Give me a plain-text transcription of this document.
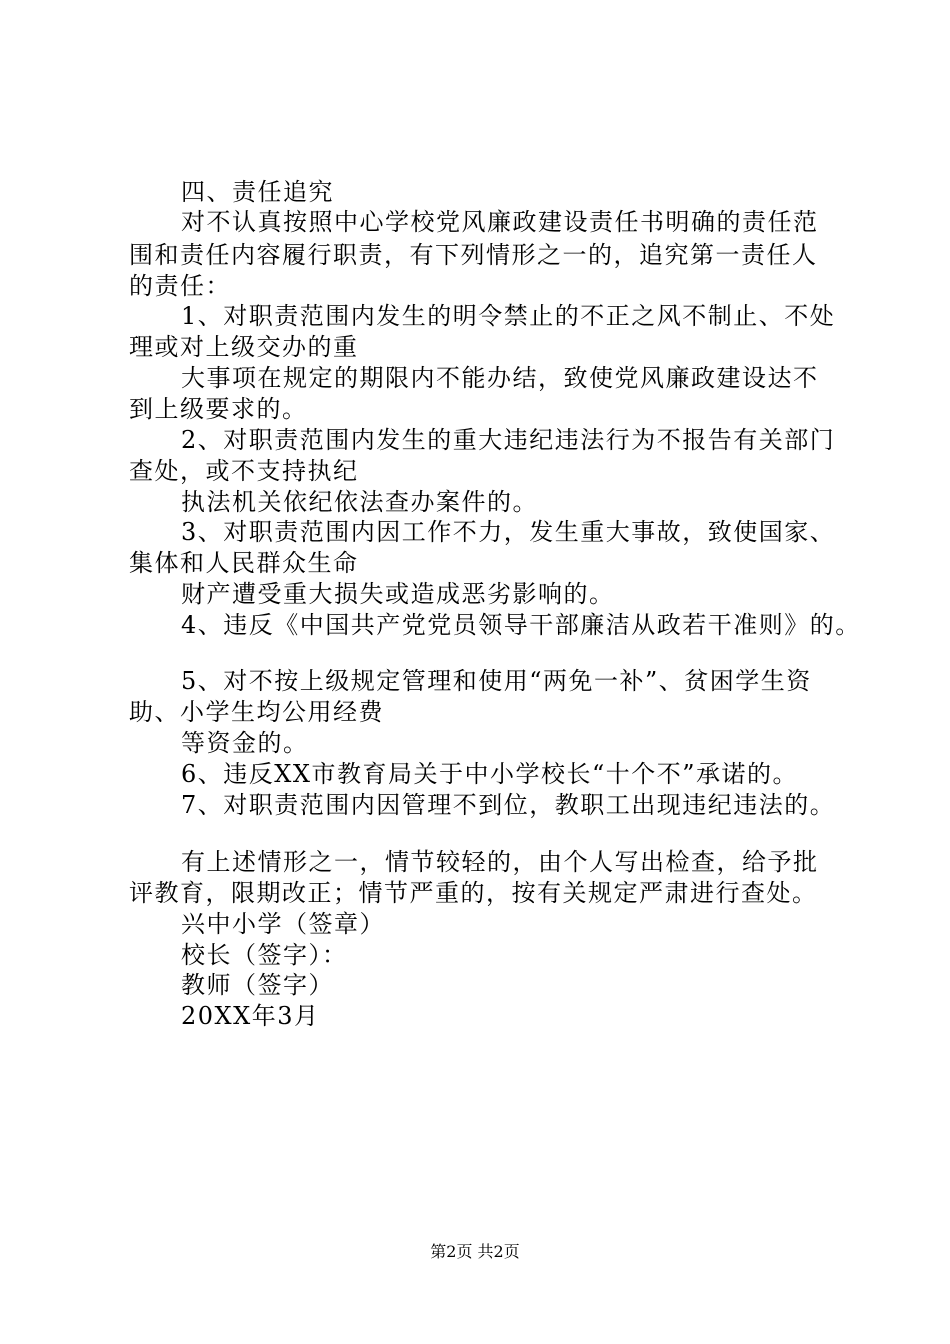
四、责任追究
对不认真按照中心学校党风廉政建设责任书明确的责任范
围和责任内容履行职责，有下列情形之一的，追究第一责任人
的责任：
1、对职责范围内发生的明令禁止的不正之风不制止、不处
理或对上级交办的重
大事项在规定的期限内不能办结，致使党风廉政建设达不
到上级要求的。
2、对职责范围内发生的重大违纪违法行为不报告有关部门
查处，或不支持执纪
执法机关依纪依法查办案件的。
3、对职责范围内因工作不力，发生重大事故，致使国家、
集体和人民群众生命
财产遭受重大损失或造成恶劣影响的。
4、违反《中国共产党党员领导干部廉洁从政若干准则》的。
5、对不按上级规定管理和使用“两免一补”、贫困学生资
助、小学生均公用经费
等资金的。
6、违反XX市教育局关于中小学校长“十个不”承诺的。
7、对职责范围内因管理不到位，教职工出现违纪违法的。
有上述情形之一，情节较轻的，由个人写出检查，给予批
评教育，限期改正；情节严重的，按有关规定严肃进行查处。
兴中小学（签章）
校长（签字）：
教师（签字）
20XX年3月
第2页 共2页
